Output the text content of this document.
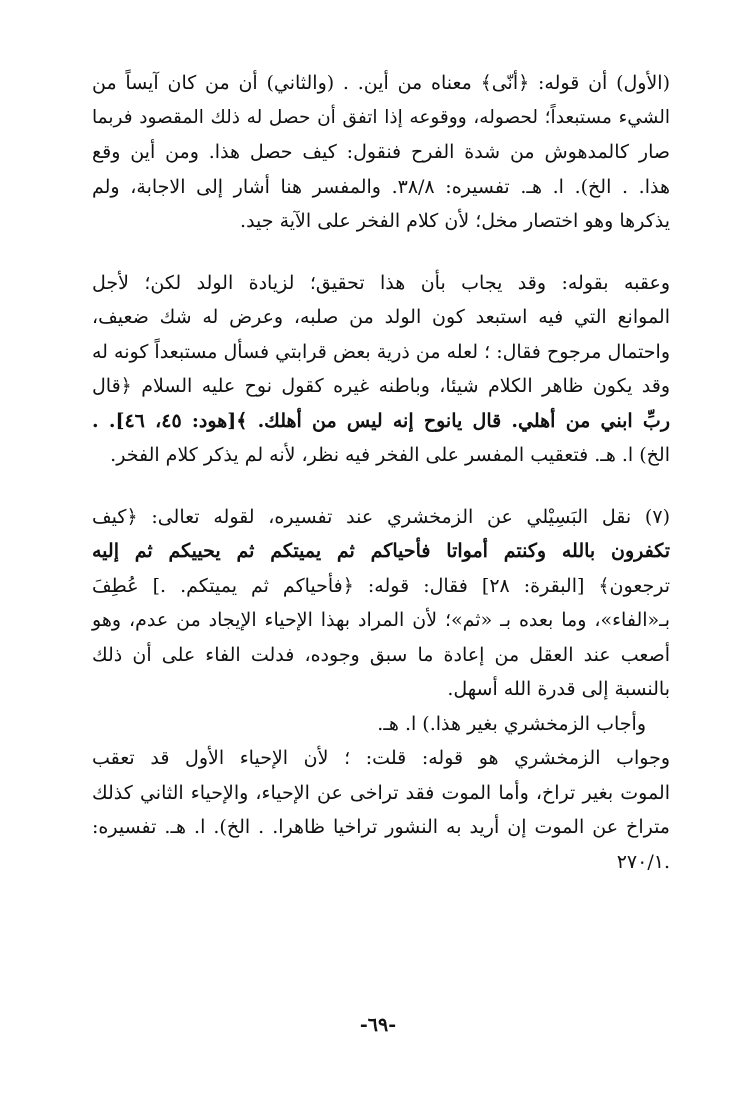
(الأول) أن قوله: ﴿أنّى﴾ معناه من أين. . (والثاني) أن من كان آيساً من
الشيء مستبعداً؛ لحصوله، ووقوعه إذا اتفق أن حصل له ذلك المقصود فربما
صار كالمدهوش من شدة الفرح فنقول: كيف حصل هذا. ومن أين وقع
هذا. . الخ). ا. هـ. تفسيره: ٣٨/٨. والمفسر هنا أشار إلى الاجابة، ولم
يذكرها وهو اختصار مخل؛ لأن كلام الفخر على الآية جيد.
وعقبه بقوله: وقد يجاب بأن هذا تحقيق؛ لزيادة الولد لكن؛ لأجل
الموانع التي فيه استبعد كون الولد من صلبه، وعرض له شك ضعيف،
واحتمال مرجوح فقال: ؛ لعله من ذرية بعض قرابتي فسأل مستبعداً كونه له
وقد يكون ظاهر الكلام شيئا، وباطنه غيره كقول نوح عليه السلام ﴿قال
ربِّ ابني من أهلي. قال يانوح إنه ليس من أهلك. ﴾[هود: ٤٥، ٤٦]. .
الخ) ا. هـ. فتعقيب المفسر على الفخر فيه نظر، لأنه لم يذكر كلام الفخر.
(٧) نقل البَسِيْلي عن الزمخشري عند تفسيره، لقوله تعالى: ﴿كيف
تكفرون بالله وكنتم أمواتا فأحياكم ثم يميتكم ثم يحييكم ثم إليه
ترجعون﴾ [البقرة: ٢٨] فقال: قوله: ﴿فأحياكم ثم يميتكم. .] عُطِفَ
بـ«الفاء»، وما بعده بـ «ثم»؛ لأن المراد بهذا الإحياء الإيجاد من عدم، وهو
أصعب عند العقل من إعادة ما سبق وجوده، فدلت الفاء على أن ذلك
بالنسبة إلى قدرة الله أسهل.
وأجاب الزمخشري بغير هذا.) ا. هـ.
وجواب الزمخشري هو قوله: قلت: ؛ لأن الإحياء الأول قد تعقب
الموت بغير تراخ، وأما الموت فقد تراخى عن الإحياء، والإحياء الثاني كذلك
متراخ عن الموت إن أريد به النشور تراخيا ظاهرا. . الخ). ا. هـ. تفسيره:
.٢٧٠/١
-٦٩-
